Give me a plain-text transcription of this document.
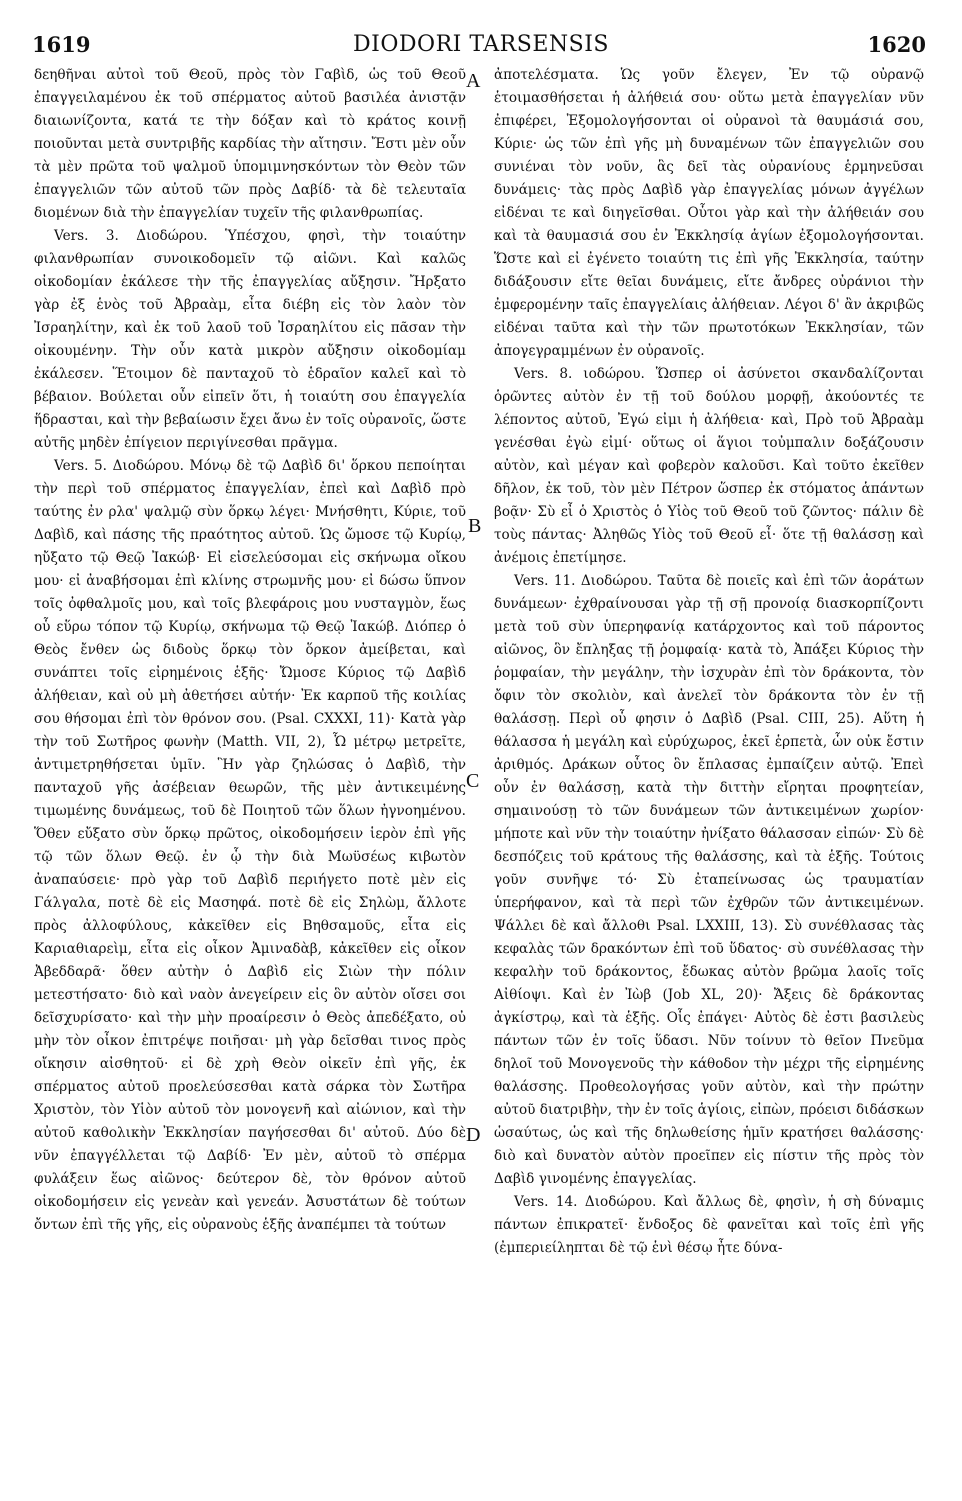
1619	DIODORI TARSENSIS	1620

δεηθῆναι αὐτοὶ τοῦ Θεοῦ, πρὸς τὸν Γαβὶδ, ὡς τοῦ Θεοῦ ἐπαγγειλαμένου ἐκ τοῦ σπέρματος αὐτοῦ βασιλέα ἀνιστᾷν διαιωνίζοντα, κατά τε τὴν δόξαν καὶ τὸ κράτος κοινῇ ποιοῦνται μετὰ συντριβῆς καρδίας τὴν αἴτησιν. Ἔστι μὲν οὖν τὰ μὲν πρῶτα τοῦ ψαλμοῦ ὑπομιμνησκόντων τὸν Θεὸν τῶν ἐπαγγελιῶν τῶν αὐτοῦ τῶν πρὸς Δαβίδ· τὰ δὲ τελευταῖα διομένων διὰ τὴν ἐπαγγελίαν τυχεῖν τῆς φιλανθρωπίας.

Vers. 3. Διοδώρου. Ὑπέσχου, φησὶ, τὴν τοιαύτην φιλανθρωπίαν συνοικοδομεῖν τῷ αἰῶνι. Καὶ καλῶς οἰκοδομίαν ἐκάλεσε τὴν τῆς ἐπαγγελίας αὔξησιν. Ἤρξατο γὰρ ἐξ ἑνὸς τοῦ Ἀβραὰμ, εἶτα διέβη εἰς τὸν λαὸν τὸν Ἰσραηλίτην, καὶ ἐκ τοῦ λαοῦ τοῦ Ἰσραηλίτου εἰς πᾶσαν τὴν οἰκουμένην. Τὴν οὖν κατὰ μικρὸν αὔξησιν οἰκοδομίαμ ἐκάλεσεν. Ἕτοιμον δὲ πανταχοῦ τὸ ἑδραῖον καλεῖ καὶ τὸ βέβαιον. Βούλεται οὖν εἰπεῖν ὅτι, ἡ τοιαύτη σου ἐπαγγελία ἥδρασται, καὶ τὴν βεβαίωσιν ἔχει ἄνω ἐν τοῖς οὐρανοῖς, ὥστε αὐτῆς μηδὲν ἐπίγειον περιγίνεσθαι πρᾶγμα.

Vers. 5. Διοδώρου. Μόνῳ δὲ τῷ Δαβὶδ δι' ὅρκου πεποίηται τὴν περὶ τοῦ σπέρματος ἐπαγγελίαν, ἐπεὶ καὶ Δαβὶδ πρὸ ταύτης ἐν ρλα' ψαλμῷ σὺν ὅρκῳ λέγει· Μνήσθητι, Κύριε, τοῦ Δαβὶδ, καὶ πάσης τῆς πραότητος αὐτοῦ. Ὡς ὤμοσε τῷ Κυρίῳ, ηὔξατο τῷ Θεῷ Ἰακώβ· Εἰ εἰσελεύσομαι εἰς σκήνωμα οἴκου μου· εἰ ἀναβήσομαι ἐπὶ κλίνης στρωμνῆς μου· εἰ δώσω ὕπνον τοῖς ὀφθαλμοῖς μου, καὶ τοῖς βλεφάροις μου νυσταγμὸν, ἕως οὗ εὕρω τόπον τῷ Κυρίῳ, σκήνωμα τῷ Θεῷ Ἰακώβ. Διόπερ ὁ Θεὸς ἔνθεν ὡς διδοὺς ὅρκῳ τὸν ὅρκον ἀμείβεται, καὶ συνάπτει τοῖς εἰρημένοις ἑξῆς· Ὤμοσε Κύριος τῷ Δαβὶδ ἀλήθειαν, καὶ οὐ μὴ ἀθετήσει αὐτήν· Ἐκ καρποῦ τῆς κοιλίας σου θήσομαι ἐπὶ τὸν θρόνον σου. (Psal. CXXXI, 11)· Κατὰ γὰρ τὴν τοῦ Σωτῆρος φωνὴν (Matth. VII, 2), Ὧ μέτρῳ μετρεῖτε, ἀντιμετρηθήσεται ὑμῖν. Ἣν γὰρ ζηλώσας ὁ Δαβὶδ, τὴν πανταχοῦ γῆς ἀσέβειαν θεωρῶν, τῆς μὲν ἀντικειμένης τιμωμένης δυνάμεως, τοῦ δὲ Ποιητοῦ τῶν ὅλων ἠγνοημένου. Ὅθεν εὔξατο σὺν ὅρκῳ πρῶτος, οἰκοδομήσειν ἱερὸν ἐπὶ γῆς τῷ τῶν ὅλων Θεῷ. ἐν ᾧ τὴν διὰ Μωϋσέως κιβωτὸν ἀναπαύσειε· πρὸ γὰρ τοῦ Δαβὶδ περιήγετο ποτὲ μὲν εἰς Γάλγαλα, ποτὲ δὲ εἰς Μασηφά. ποτὲ δὲ εἰς Σηλὼμ, ἄλλοτε πρὸς ἀλλοφύλους, κἀκεῖθεν εἰς Βηθσαμοῦς, εἶτα εἰς Καριαθιαρεὶμ, εἶτα εἰς οἶκον Ἀμιναδὰβ, κἀκεῖθεν εἰς οἶκον Ἀβεδδαρᾶ· ὅθεν αὐτὴν ὁ Δαβὶδ εἰς Σιὼν τὴν πόλιν μετεστήσατο· διὸ καὶ ναὸν ἀνεγείρειν εἰς ὃν αὐτὸν οἴσει σοι δεῖσχυρίσατο· καὶ τὴν μὴν προαίρεσιν ὁ Θεὸς ἀπεδέξατο, οὐ μὴν τὸν οἶκον ἐπιτρέψε ποιῆσαι· μὴ γὰρ δεῖσθαι τινος πρὸς οἴκησιν αἰσθητοῦ· εἰ δὲ χρὴ Θεὸν οἰκεῖν ἐπὶ γῆς, ἐκ σπέρματος αὐτοῦ προελεύσεσθαι κατὰ σάρκα τὸν Σωτῆρα Χριστὸν, τὸν Υἱὸν αὐτοῦ τὸν μονογενῆ καὶ αἰώνιον, καὶ τὴν αὐτοῦ καθολικὴν Ἐκκλησίαν παγήσεσθαι δι' αὐτοῦ. Δύο δὲ νῦν ἐπαγγέλλεται τῷ Δαβίδ· Ἐν μὲν, αὐτοῦ τὸ σπέρμα φυλάξειν ἕως αἰῶνος· δεύτερον δὲ, τὸν θρόνον αὐτοῦ οἰκοδομήσειν εἰς γενεὰν καὶ γενεάν. Ἀσυστάτων δὲ τούτων ὄντων ἐπὶ τῆς γῆς, εἰς οὐρανοὺς ἑξῆς ἀναπέμπει τὰ τούτων

A
B
C
D

ἀποτελέσματα. Ὡς γοῦν ἔλεγεν, Ἐν τῷ οὐρανῷ ἑτοιμασθήσεται ἡ ἀλήθειά σου· οὕτω μετὰ ἐπαγγελίαν νῦν ἐπιφέρει, Ἐξομολογήσονται οἱ οὐρανοὶ τὰ θαυμάσιά σου, Κύριε· ὡς τῶν ἐπὶ γῆς μὴ δυναμένων τῶν ἐπαγγελιῶν σου συνιέναι τὸν νοῦν, ἃς δεῖ τὰς οὐρανίους ἑρμηνεῦσαι δυνάμεις· τὰς πρὸς Δαβὶδ γὰρ ἐπαγγελίας μόνων ἀγγέλων εἰδέναι τε καὶ διηγεῖσθαι. Οὗτοι γὰρ καὶ τὴν ἀλήθειάν σου καὶ τὰ θαυμασιά σου ἐν Ἐκκλησίᾳ ἁγίων ἐξομολογήσονται. Ὥστε καὶ εἰ ἐγένετο τοιαύτη τις ἐπὶ γῆς Ἐκκλησία, ταύτην διδάξουσιν εἴτε θεῖαι δυνάμεις, εἴτε ἄνδρες οὐράνιοι τὴν ἐμφερομένην ταῖς ἐπαγγελίαις ἀλήθειαν. Λέγοι δ' ἂν ἀκριβῶς εἰδέναι ταῦτα καὶ τὴν τῶν πρωτοτόκων Ἐκκλησίαν, τῶν ἀπογεγραμμένων ἐν οὐρανοῖς.

Vers. 8. ιοδώρου. Ὥσπερ οἱ ἀσύνετοι σκανδαλίζονται ὁρῶντες αὐτὸν ἐν τῇ τοῦ δούλου μορφῇ, ἀκούοντές τε λέποντος αὐτοῦ, Ἐγώ εἰμι ἡ ἀλήθεια· καὶ, Πρὸ τοῦ Ἀβραὰμ γενέσθαι ἐγὼ εἰμί· οὕτως οἱ ἅγιοι τοὐμπαλιν δοξάζουσιν αὐτὸν, καὶ μέγαν καὶ φοβερὸν καλοῦσι. Καὶ τοῦτο ἐκεῖθεν δῆλον, ἐκ τοῦ, τὸν μὲν Πέτρον ὥσπερ ἐκ στόματος ἁπάντων βοᾷν· Σὺ εἶ ὁ Χριστὸς ὁ Υἱὸς τοῦ Θεοῦ τοῦ ζῶντος· πάλιν δὲ τοὺς πάντας· Ἀληθῶς Υἱὸς τοῦ Θεοῦ εἶ· ὅτε τῇ θαλάσσῃ καὶ ἀνέμοις ἐπετίμησε.

Vers. 11. Διοδώρου. Ταῦτα δὲ ποιεῖς καὶ ἐπὶ τῶν ἀοράτων δυνάμεων· ἐχθραίνουσαι γὰρ τῇ σῇ προνοίᾳ διασκορπίζοντι μετὰ τοῦ σὺν ὑπερηφανίᾳ κατάρχοντος καὶ τοῦ πάροντος αἰῶνος, ὃν ἔπληξας τῇ ῥομφαίᾳ· κατὰ τὸ, Ἀπάξει Κύριος τὴν ῥομφαίαν, τὴν μεγάλην, τὴν ἰσχυρὰν ἐπὶ τὸν δράκοντα, τὸν ὄφιν τὸν σκολιὸν, καὶ ἀνελεῖ τὸν δράκοντα τὸν ἐν τῇ θαλάσσῃ. Περὶ οὗ φησιν ὁ Δαβὶδ (Psal. CIII, 25). Αὕτη ἡ θάλασσα ἡ μεγάλη καὶ εὐρύχωρος, ἐκεῖ ἑρπετὰ, ὧν οὐκ ἔστιν ἀριθμός. Δράκων οὗτος ὃν ἔπλασας ἐμπαίζειν αὐτῷ. Ἐπεὶ οὖν ἐν θαλάσσῃ, κατὰ τὴν διττὴν εἴρηται προφητείαν, σημαινούσῃ τὸ τῶν δυνάμεων τῶν ἀντικειμένων χωρίον· μήποτε καὶ νῦν τὴν τοιαύτην ἠνίξατο θάλασσαν εἰπών· Σὺ δὲ δεσπόζεις τοῦ κράτους τῆς θαλάσσης, καὶ τὰ ἑξῆς. Τούτοις γοῦν συνῆψε τό· Σὺ ἐταπείνωσας ὡς τραυματίαν ὑπερήφανον, καὶ τὰ περὶ τῶν ἐχθρῶν τῶν ἀντικειμένων. Ψάλλει δὲ καὶ ἄλλοθι Psal. LXXIII, 13). Σὺ συνέθλασας τὰς κεφαλὰς τῶν δρακόντων ἐπὶ τοῦ ὕδατος· σὺ συνέθλασας τὴν κεφαλὴν τοῦ δράκοντος, ἔδωκας αὐτὸν βρῶμα λαοῖς τοῖς Αἰθίοψι. Καὶ ἐν Ἰὼβ (Job XL, 20)· Ἄξεις δὲ δράκοντας ἀγκίστρῳ, καὶ τὰ ἑξῆς. Οἷς ἐπάγει· Αὐτὸς δὲ ἐστι βασιλεὺς πάντων τῶν ἐν τοῖς ὕδασι. Νῦν τοίνυν τὸ θεῖον Πνεῦμα δηλοῖ τοῦ Μονογενοῦς τὴν κάθοδον τὴν μέχρι τῆς εἰρημένης θαλάσσης. Προθεολογήσας γοῦν αὐτὸν, καὶ τὴν πρώτην αὐτοῦ διατριβὴν, τὴν ἐν τοῖς ἁγίοις, εἰπὼν, πρόεισι διδάσκων ὡσαύτως, ὡς καὶ τῆς δηλωθείσης ἡμῖν κρατήσει θαλάσσης· διὸ καὶ δυνατὸν αὐτὸν προεῖπεν εἰς πίστιν τῆς πρὸς τὸν Δαβὶδ γινομένης ἐπαγγελίας.

Vers. 14. Διοδώρου. Καὶ ἄλλως δὲ, φησὶν, ἡ σὴ δύναμις πάντων ἐπικρατεῖ· ἔνδοξος δὲ φανεῖται καὶ τοῖς ἐπὶ γῆς (ἐμπεριείληπται δὲ τῷ ἑνὶ θέσῳ ἦτε δύνα-
